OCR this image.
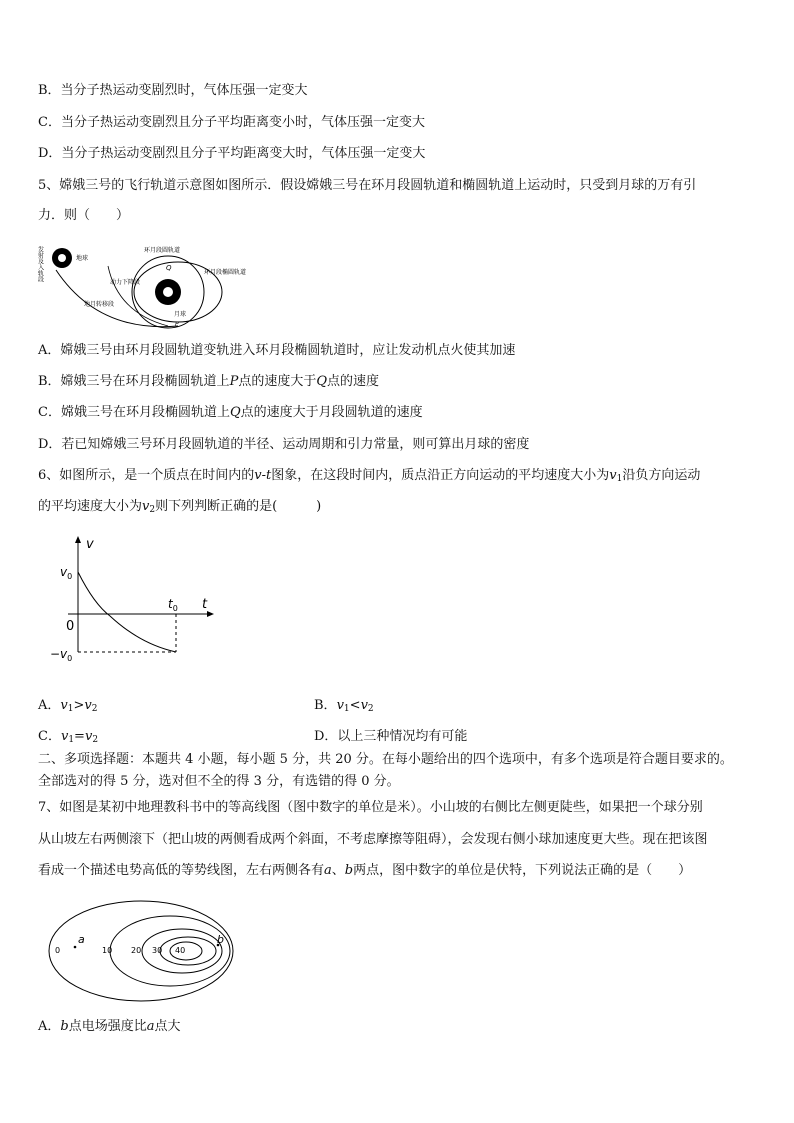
B．当分子热运动变剧烈时，气体压强一定变大
C．当分子热运动变剧烈且分子平均距离变小时，气体压强一定变大
D．当分子热运动变剧烈且分子平均距离变大时，气体压强一定变大
5、嫦娥三号的飞行轨道示意图如图所示．假设嫦娥三号在环月段圆轨道和椭圆轨道上运动时，只受到月球的万有引
力．则（　　）
地球
发射及入轨段	环月段圆轨道
环月段椭圆轨道
动力下降段
地月转移段
月球
Q
P
A．嫦娥三号由环月段圆轨道变轨进入环月段椭圆轨道时，应让发动机点火使其加速
B．嫦娥三号在环月段椭圆轨道上P点的速度大于Q点的速度
C．嫦娥三号在环月段椭圆轨道上Q点的速度大于月段圆轨道的速度
D．若已知嫦娥三号环月段圆轨道的半径、运动周期和引力常量，则可算出月球的密度
6、如图所示，是一个质点在时间内的v-t图象，在这段时间内，质点沿正方向运动的平均速度大小为$v_1$沿负方向运动
的平均速度大小为$v_2$则下列判断正确的是(　　　)
v
t
$v_0$
0
$t_0$
$-v_0$
A．$v_1>v_2$	B．$v_1<v_2$
C．$v_1=v_2$	D．以上三种情况均有可能
二、多项选择题：本题共 4 小题，每小题 5 分，共 20 分。在每小题给出的四个选项中，有多个选项是符合题目要求的。
全部选对的得 5 分，选对但不全的得 3 分，有选错的得 0 分。
7、如图是某初中地理教科书中的等高线图（图中数字的单位是米）。小山坡的右侧比左侧更陡些，如果把一个球分别
从山坡左右两侧滚下（把山坡的两侧看成两个斜面，不考虑摩擦等阻碍），会发现右侧小球加速度更大些。现在把该图
看成一个描述电势高低的等势线图，左右两侧各有a、b两点，图中数字的单位是伏特，下列说法正确的是（　　）
0	10 20 30 40
a	b
A．b点电场强度比a点大
